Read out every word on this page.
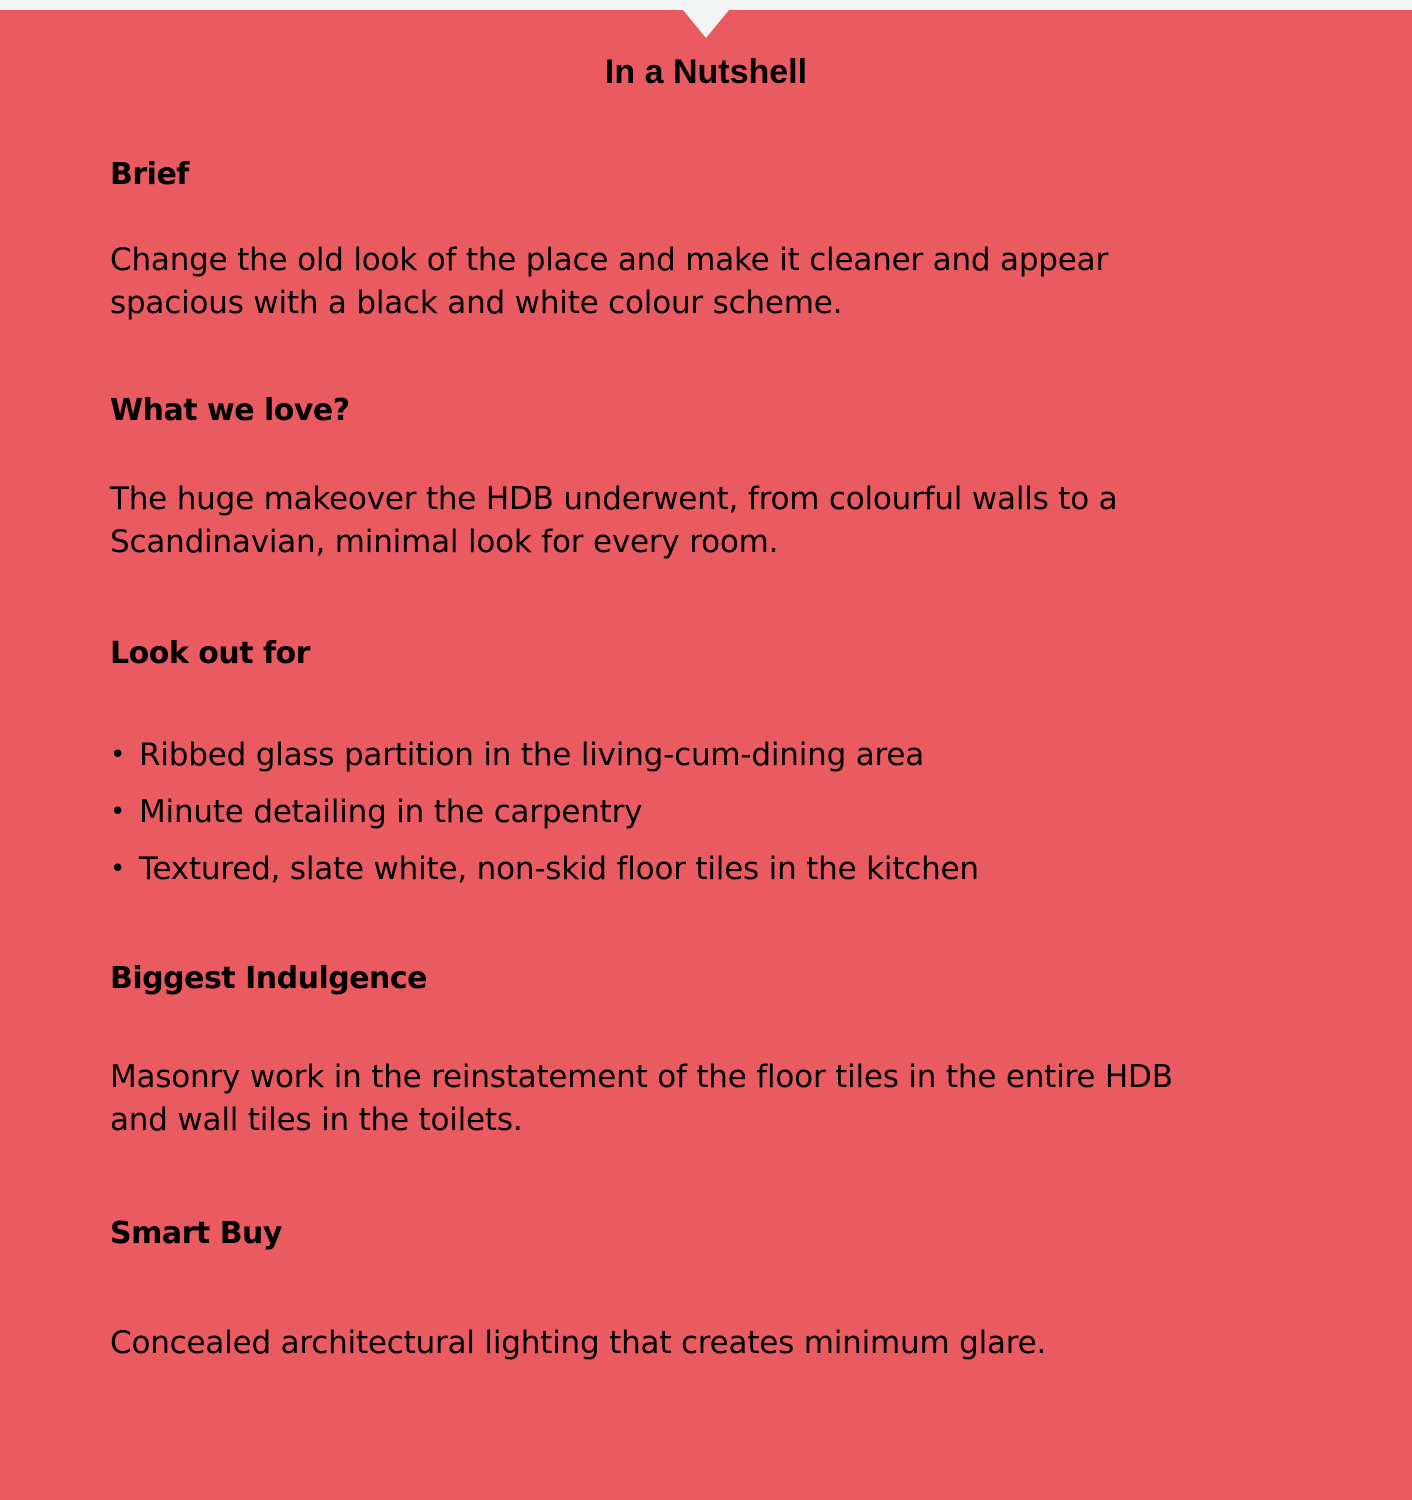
In a Nutshell
Brief

Change the old look of the place and make it cleaner and appear
spacious with a black and white colour scheme.

What we love?

The huge makeover the HDB underwent, from colourful walls to a
Scandinavian, minimal look for every room.

Look out for
• Ribbed glass partition in the living-cum-dining area
• Minute detailing in the carpentry
• Textured, slate white, non-skid floor tiles in the kitchen
Biggest Indulgence

Masonry work in the reinstatement of the floor tiles in the entire HDB
and wall tiles in the toilets.

Smart Buy

Concealed architectural lighting that creates minimum glare.
